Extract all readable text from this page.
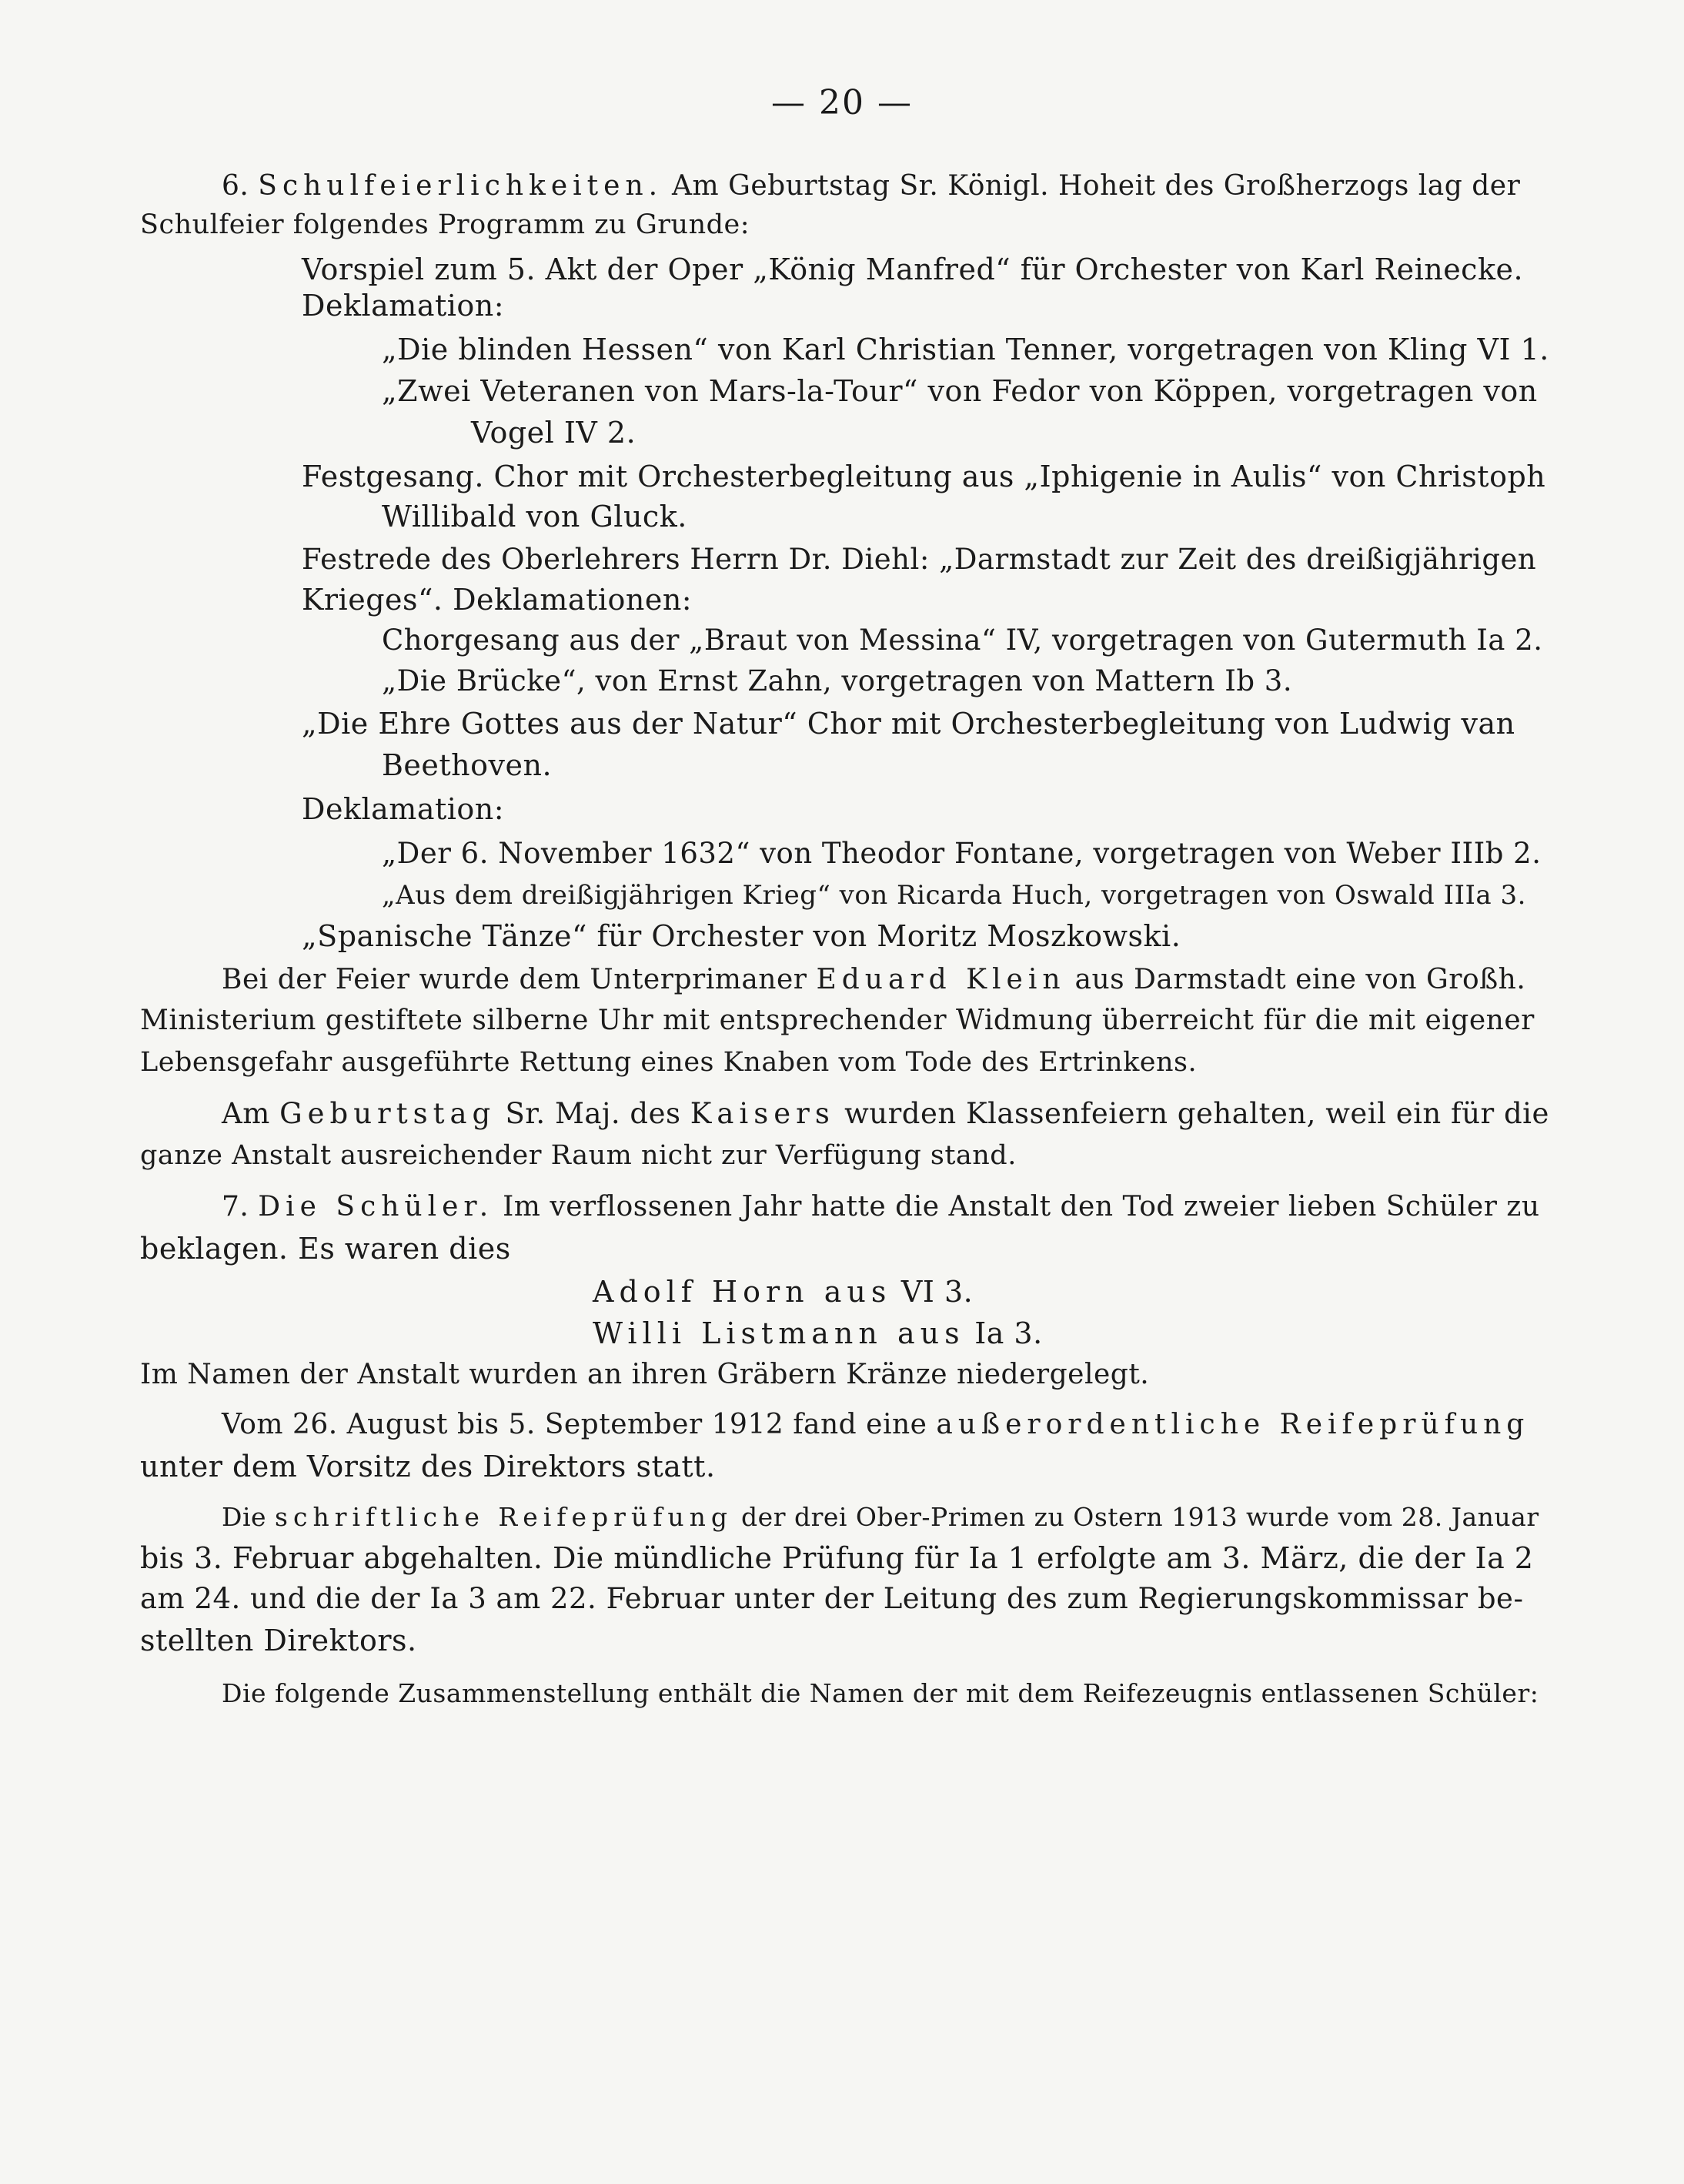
— 20 —
6. Schulfeierlichkeiten. Am Geburtstag Sr. Königl. Hoheit des Großherzogs lag der
Schulfeier folgendes Programm zu Grunde:
Vorspiel zum 5. Akt der Oper „König Manfred“ für Orchester von Karl Reinecke.
Deklamation:
„Die blinden Hessen“ von Karl Christian Tenner, vorgetragen von Kling VI 1.
„Zwei Veteranen von Mars-la-Tour“ von Fedor von Köppen, vorgetragen von
Vogel IV 2.
Festgesang. Chor mit Orchesterbegleitung aus „Iphigenie in Aulis“ von Christoph
Willibald von Gluck.
Festrede des Oberlehrers Herrn Dr. Diehl: „Darmstadt zur Zeit des dreißigjährigen
Krieges“. Deklamationen:
Chorgesang aus der „Braut von Messina“ IV, vorgetragen von Gutermuth Ia 2.
„Die Brücke“, von Ernst Zahn, vorgetragen von Mattern Ib 3.
„Die Ehre Gottes aus der Natur“ Chor mit Orchesterbegleitung von Ludwig van
Beethoven.
Deklamation:
„Der 6. November 1632“ von Theodor Fontane, vorgetragen von Weber IIIb 2.
„Aus dem dreißigjährigen Krieg“ von Ricarda Huch, vorgetragen von Oswald IIIa 3.
„Spanische Tänze“ für Orchester von Moritz Moszkowski.
Bei der Feier wurde dem Unterprimaner Eduard Klein aus Darmstadt eine von Großh.
Ministerium gestiftete silberne Uhr mit entsprechender Widmung überreicht für die mit eigener
Lebensgefahr ausgeführte Rettung eines Knaben vom Tode des Ertrinkens.
Am Geburtstag Sr. Maj. des Kaisers wurden Klassenfeiern gehalten, weil ein für die
ganze Anstalt ausreichender Raum nicht zur Verfügung stand.
7. Die Schüler. Im verflossenen Jahr hatte die Anstalt den Tod zweier lieben Schüler zu
beklagen. Es waren dies
Adolf Horn aus VI 3.
Willi Listmann aus Ia 3.
Im Namen der Anstalt wurden an ihren Gräbern Kränze niedergelegt.
Vom 26. August bis 5. September 1912 fand eine außerordentliche Reifeprüfung
unter dem Vorsitz des Direktors statt.
Die schriftliche Reifeprüfung der drei Ober-Primen zu Ostern 1913 wurde vom 28. Januar
bis 3. Februar abgehalten. Die mündliche Prüfung für Ia 1 erfolgte am 3. März, die der Ia 2
am 24. und die der Ia 3 am 22. Februar unter der Leitung des zum Regierungskommissar be-
stellten Direktors.
Die folgende Zusammenstellung enthält die Namen der mit dem Reifezeugnis entlassenen Schüler:
